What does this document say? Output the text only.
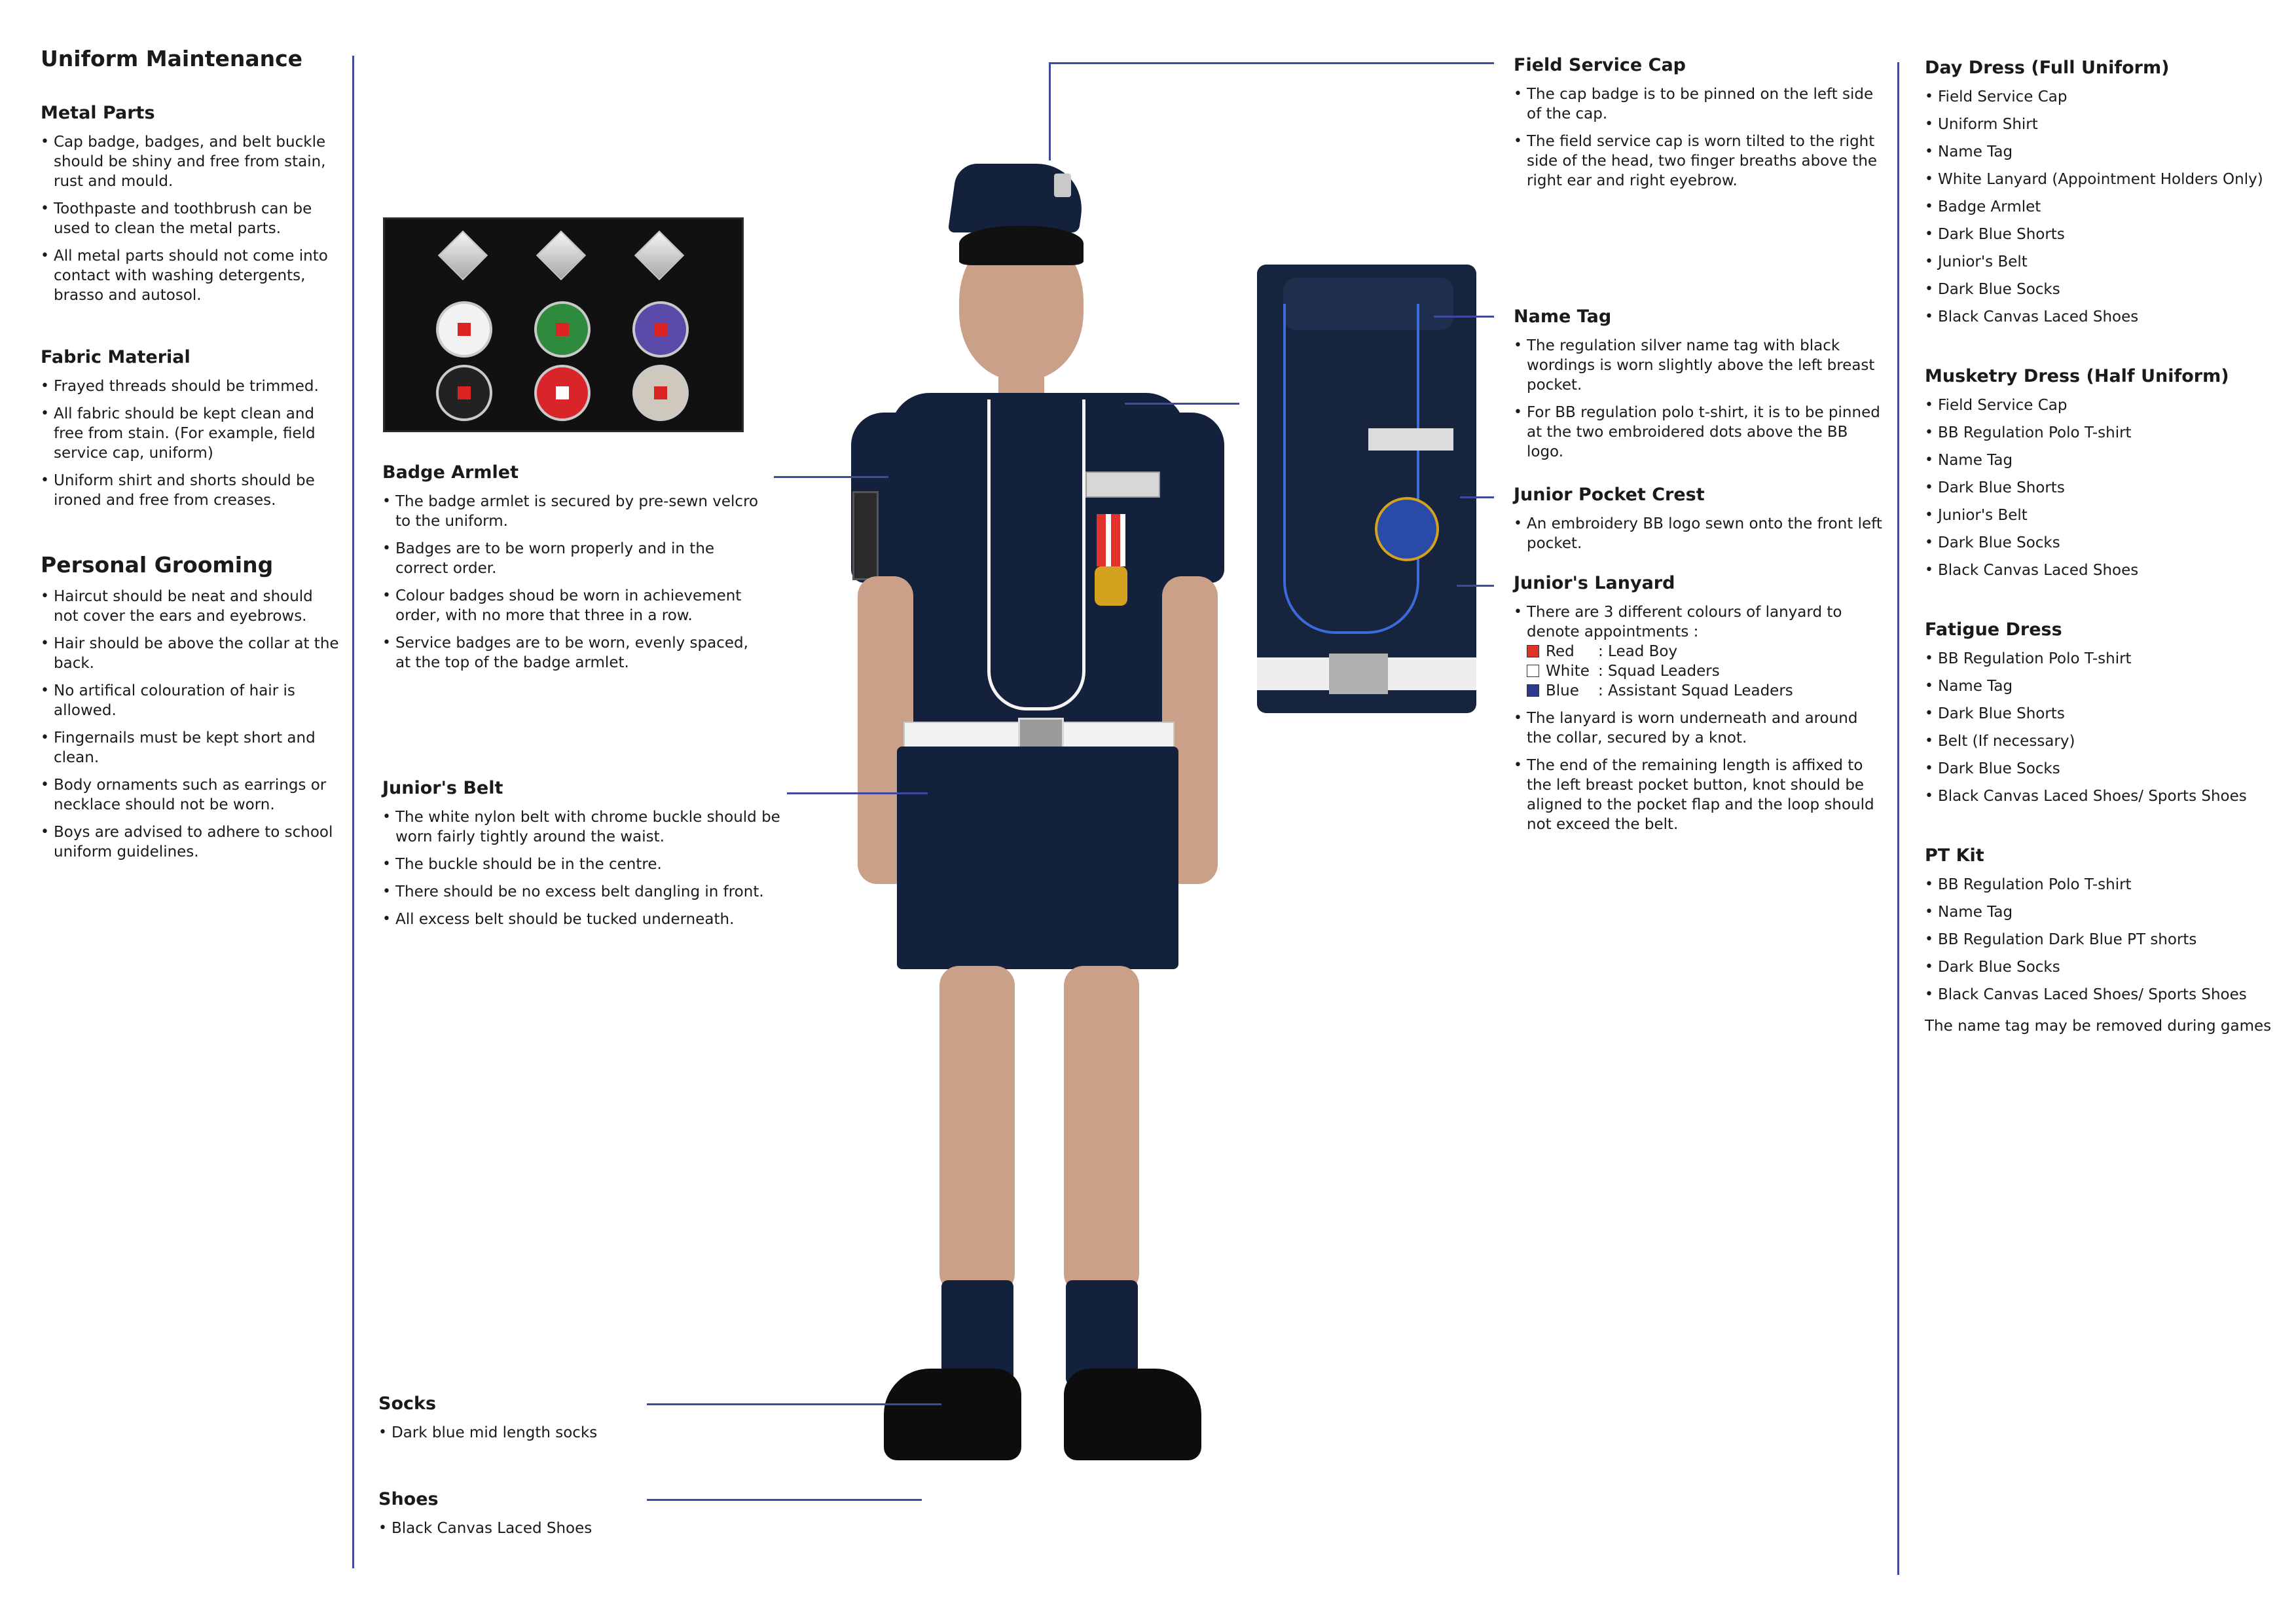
Uniform Maintenance
Metal Parts
• Cap badge, badges, and belt buckle should be shiny and free from stain, rust and mould.
• Toothpaste and toothbrush can be used to clean the metal parts.
• All metal parts should not come into contact with washing detergents, brasso and autosol.
Fabric Material
• Frayed threads should be trimmed.
• All fabric should be kept clean and free from stain. (For example, field service cap, uniform)
• Uniform shirt and shorts should be ironed and free from creases.
Personal Grooming
• Haircut should be neat and should not cover the ears and eyebrows.
• Hair should be above the collar at the back.
• No artifical colouration of hair is allowed.
• Fingernails must be kept short and clean.
• Body ornaments such as earrings or necklace should not be worn.
• Boys are advised to adhere to school uniform guidelines.
Badge Armlet
• The badge armlet is secured by pre-sewn velcro to the uniform.
• Badges are to be worn properly and in the correct order.
• Colour badges shoud be worn in achievement order, with no more that three in a row.
• Service badges are to be worn, evenly spaced, at the top of the badge armlet.
Junior's Belt
• The white nylon belt with chrome buckle should be worn fairly tightly around the waist.
• The buckle should be in the centre.
• There should be no excess belt dangling in front.
• All excess belt should be tucked underneath.
Socks
• Dark blue mid length socks
Shoes
• Black Canvas Laced Shoes
Field Service Cap
• The cap badge is to be pinned on the left side of the cap.
• The field service cap is worn tilted to the right side of the head, two finger breaths above the right ear and right eyebrow.
Name Tag
• The regulation silver name tag with black wordings is worn slightly above the left breast pocket.
• For BB regulation polo t-shirt, it is to be pinned at the two embroidered dots above the BB logo.
Junior Pocket Crest
• An embroidery BB logo sewn onto the front left pocket.
Junior's Lanyard
• There are 3 different colours of lanyard to denote appointments :
Red : Lead Boy
White : Squad Leaders
Blue : Assistant Squad Leaders
• The lanyard is worn underneath and around the collar, secured by a knot.
• The end of the remaining length is affixed to the left breast pocket button, knot should be aligned to the pocket flap and the loop should not exceed the belt.
Day Dress (Full Uniform)
• Field Service Cap
• Uniform Shirt
• Name Tag
• White Lanyard (Appointment Holders Only)
• Badge Armlet
• Dark Blue Shorts
• Junior's Belt
• Dark Blue Socks
• Black Canvas Laced Shoes
Musketry Dress (Half Uniform)
• Field Service Cap
• BB Regulation Polo T-shirt
• Name Tag
• Dark Blue Shorts
• Junior's Belt
• Dark Blue Socks
• Black Canvas Laced Shoes
Fatigue Dress
• BB Regulation Polo T-shirt
• Name Tag
• Dark Blue Shorts
• Belt (If necessary)
• Dark Blue Socks
• Black Canvas Laced Shoes/ Sports Shoes
PT Kit
• BB Regulation Polo T-shirt
• Name Tag
• BB Regulation Dark Blue PT shorts
• Dark Blue Socks
• Black Canvas Laced Shoes/ Sports Shoes
The name tag may be removed during games
